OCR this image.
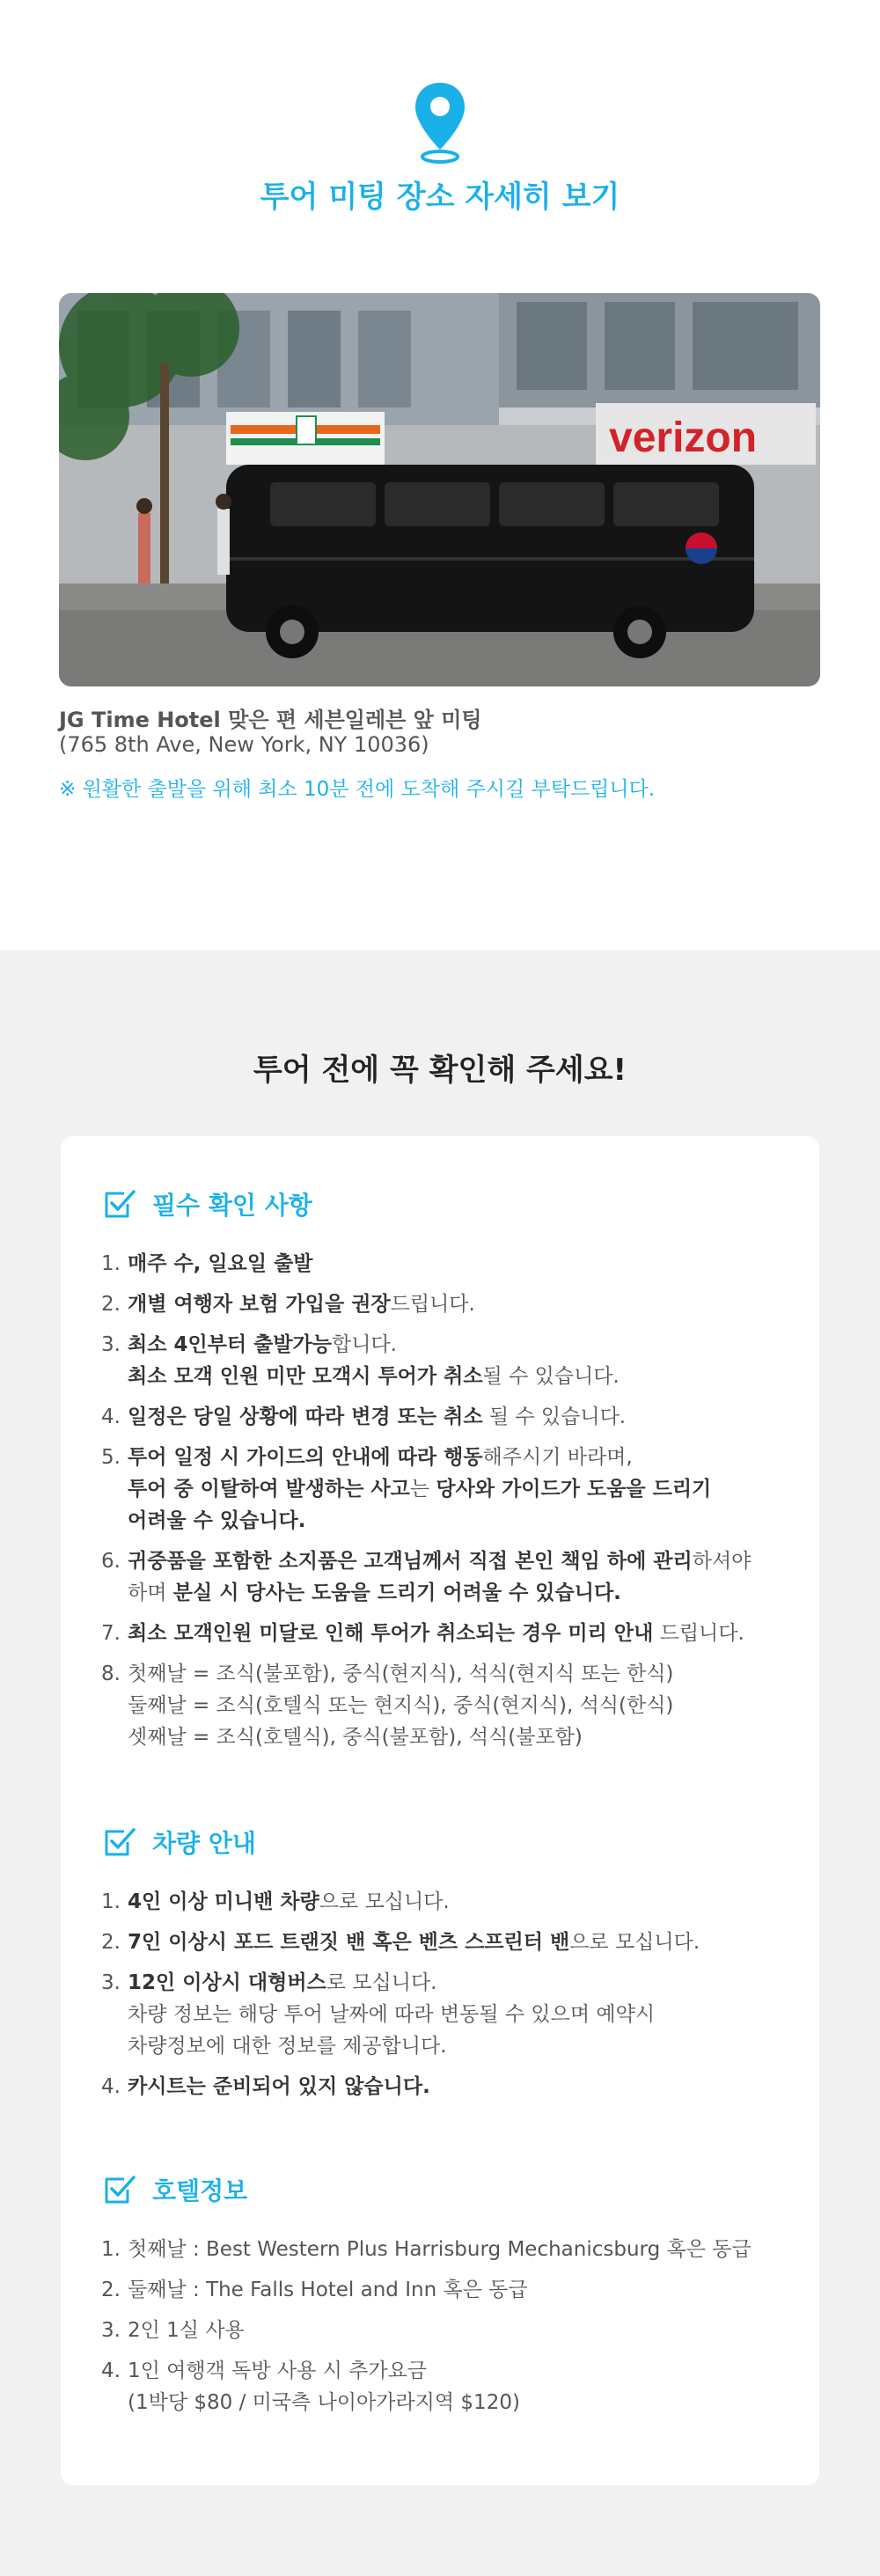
투어 미팅 장소 자세히 보기
verizon
JG Time Hotel 맞은 편 세븐일레븐 앞 미팅
(765 8th Ave, New York, NY 10036)
※ 원활한 출발을 위해 최소 10분 전에 도착해 주시길 부탁드립니다.
투어 전에 꼭 확인해 주세요!
필수 확인 사항
1. 매주 수, 일요일 출발
2. 개별 여행자 보험 가입을 권장드립니다.
3. 최소 4인부터 출발가능합니다.
최소 모객 인원 미만 모객시 투어가 취소될 수 있습니다.
4. 일정은 당일 상황에 따라 변경 또는 취소 될 수 있습니다.
5. 투어 일정 시 가이드의 안내에 따라 행동해주시기 바라며,
투어 중 이탈하여 발생하는 사고는 당사와 가이드가 도움을 드리기
어려울 수 있습니다.
6. 귀중품을 포함한 소지품은 고객님께서 직접 본인 책임 하에 관리하셔야
하며 분실 시 당사는 도움을 드리기 어려울 수 있습니다.
7. 최소 모객인원 미달로 인해 투어가 취소되는 경우 미리 안내 드립니다.
8. 첫째날 = 조식(불포함), 중식(현지식), 석식(현지식 또는 한식)
둘째날 = 조식(호텔식 또는 현지식), 중식(현지식), 석식(한식)
셋째날 = 조식(호텔식), 중식(불포함), 석식(불포함)
차량 안내
1. 4인 이상 미니밴 차량으로 모십니다.
2. 7인 이상시 포드 트랜짓 밴 혹은 벤츠 스프린터 밴으로 모십니다.
3. 12인 이상시 대형버스로 모십니다.
차량 정보는 해당 투어 날짜에 따라 변동될 수 있으며 예약시
차량정보에 대한 정보를 제공합니다.
4. 카시트는 준비되어 있지 않습니다.
호텔정보
1. 첫째날 : Best Western Plus Harrisburg Mechanicsburg 혹은 동급
2. 둘째날 : The Falls Hotel and Inn 혹은 동급
3. 2인 1실 사용
4. 1인 여행객 독방 사용 시 추가요금
(1박당 $80 / 미국측 나이아가라지역 $120)
